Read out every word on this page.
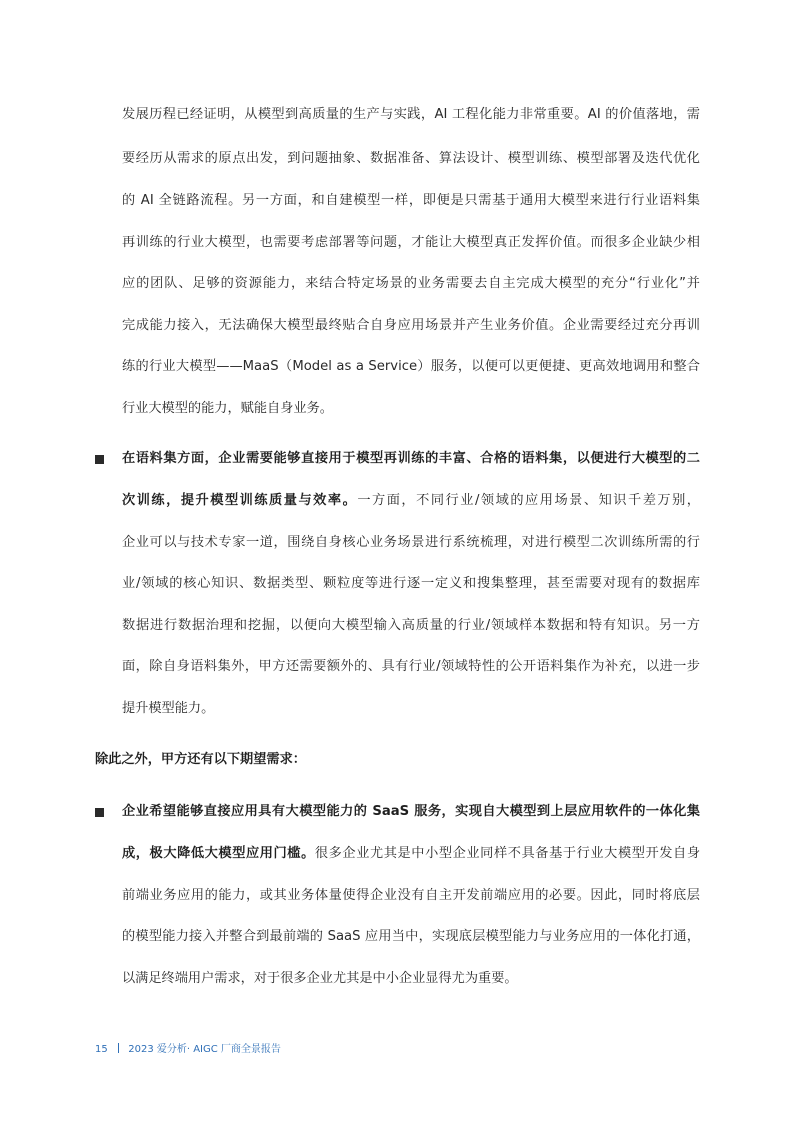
发展历程已经证明，从模型到高质量的生产与实践，AI 工程化能力非常重要。AI 的价值落地，需
要经历从需求的原点出发，到问题抽象、数据准备、算法设计、模型训练、模型部署及迭代优化
的 AI 全链路流程。另一方面，和自建模型一样，即便是只需基于通用大模型来进行行业语料集
再训练的行业大模型，也需要考虑部署等问题，才能让大模型真正发挥价值。而很多企业缺少相
应的团队、足够的资源能力，来结合特定场景的业务需要去自主完成大模型的充分“行业化”并
完成能力接入，无法确保大模型最终贴合自身应用场景并产生业务价值。企业需要经过充分再训
练的行业大模型——MaaS（Model as a Service）服务，以便可以更便捷、更高效地调用和整合
行业大模型的能力，赋能自身业务。
在语料集方面，企业需要能够直接用于模型再训练的丰富、合格的语料集，以便进行大模型的二
次训练，提升模型训练质量与效率。一方面，不同行业/领域的应用场景、知识千差万别，
企业可以与技术专家一道，围绕自身核心业务场景进行系统梳理，对进行模型二次训练所需的行
业/领域的核心知识、数据类型、颗粒度等进行逐一定义和搜集整理，甚至需要对现有的数据库
数据进行数据治理和挖掘，以便向大模型输入高质量的行业/领域样本数据和特有知识。另一方
面，除自身语料集外，甲方还需要额外的、具有行业/领域特性的公开语料集作为补充，以进一步
提升模型能力。
除此之外，甲方还有以下期望需求：
企业希望能够直接应用具有大模型能力的 SaaS 服务，实现自大模型到上层应用软件的一体化集
成，极大降低大模型应用门槛。很多企业尤其是中小型企业同样不具备基于行业大模型开发自身
前端业务应用的能力，或其业务体量使得企业没有自主开发前端应用的必要。因此，同时将底层
的模型能力接入并整合到最前端的 SaaS 应用当中，实现底层模型能力与业务应用的一体化打通，
以满足终端用户需求，对于很多企业尤其是中小企业显得尤为重要。
15 2023 爱分析· AIGC 厂商全景报告
